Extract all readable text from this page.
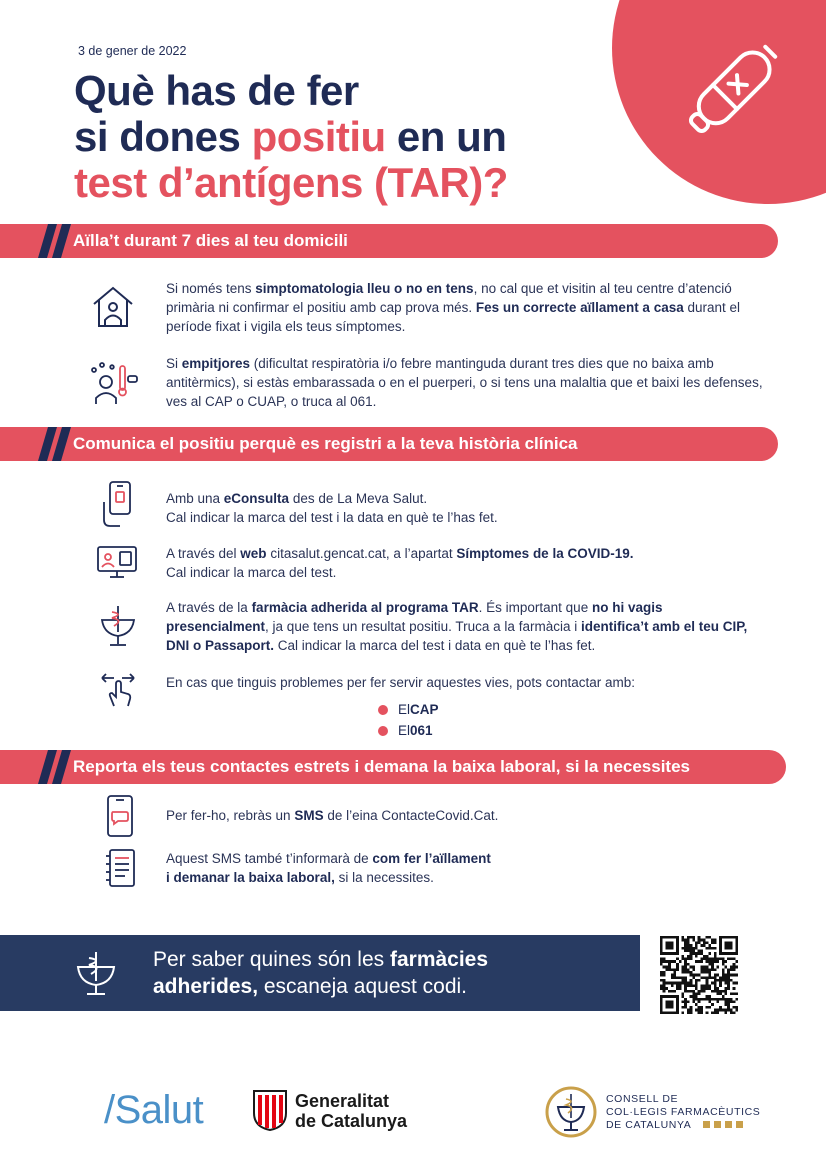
3 de gener de 2022
Què has de fer
si dones positiu en un
test d’antígens (TAR)?
Aïlla’t durant 7 dies al teu domicili
Si només tens simptomatologia lleu o no en tens, no cal que et visitin al teu centre d’atenció primària ni confirmar el positiu amb cap prova més. Fes un correcte aïllament a casa durant el període fixat i vigila els teus símptomes.
Si empitjores (dificultat respiratòria i/o febre mantinguda durant tres dies que no baixa amb antitèrmics), si estàs embarassada o en el puerperi, o si tens una malaltia que et baixi les defenses, ves al CAP o CUAP, o truca al 061.
Comunica el positiu perquè es registri a la teva història clínica
Amb una eConsulta des de La Meva Salut.
Cal indicar la marca del test i la data en què te l’has fet.
A través del web citasalut.gencat.cat, a l’apartat Símptomes de la COVID-19.
Cal indicar la marca del test.
A través de la farmàcia adherida al programa TAR. És important que no hi vagis presencialment, ja que tens un resultat positiu. Truca a la farmàcia i identifica’t amb el teu CIP, DNI o Passaport. Cal indicar la marca del test i data en què te l’has fet.
En cas que tinguis problemes per fer servir aquestes vies, pots contactar amb:
El CAP
El 061
Reporta els teus contactes estrets i demana la baixa laboral, si la necessites
Per fer-ho, rebràs un SMS de l’eina ContacteCovid.Cat.
Aquest SMS també t’informarà de com fer l’aïllament
i demanar la baixa laboral, si la necessites.
Per saber quines són les farmàcies
adherides, escaneja aquest codi.
/Salut	Generalitat
de Catalunya
CONSELL DE
COL·LEGIS FARMACÈUTICS
DE CATALUNYA
